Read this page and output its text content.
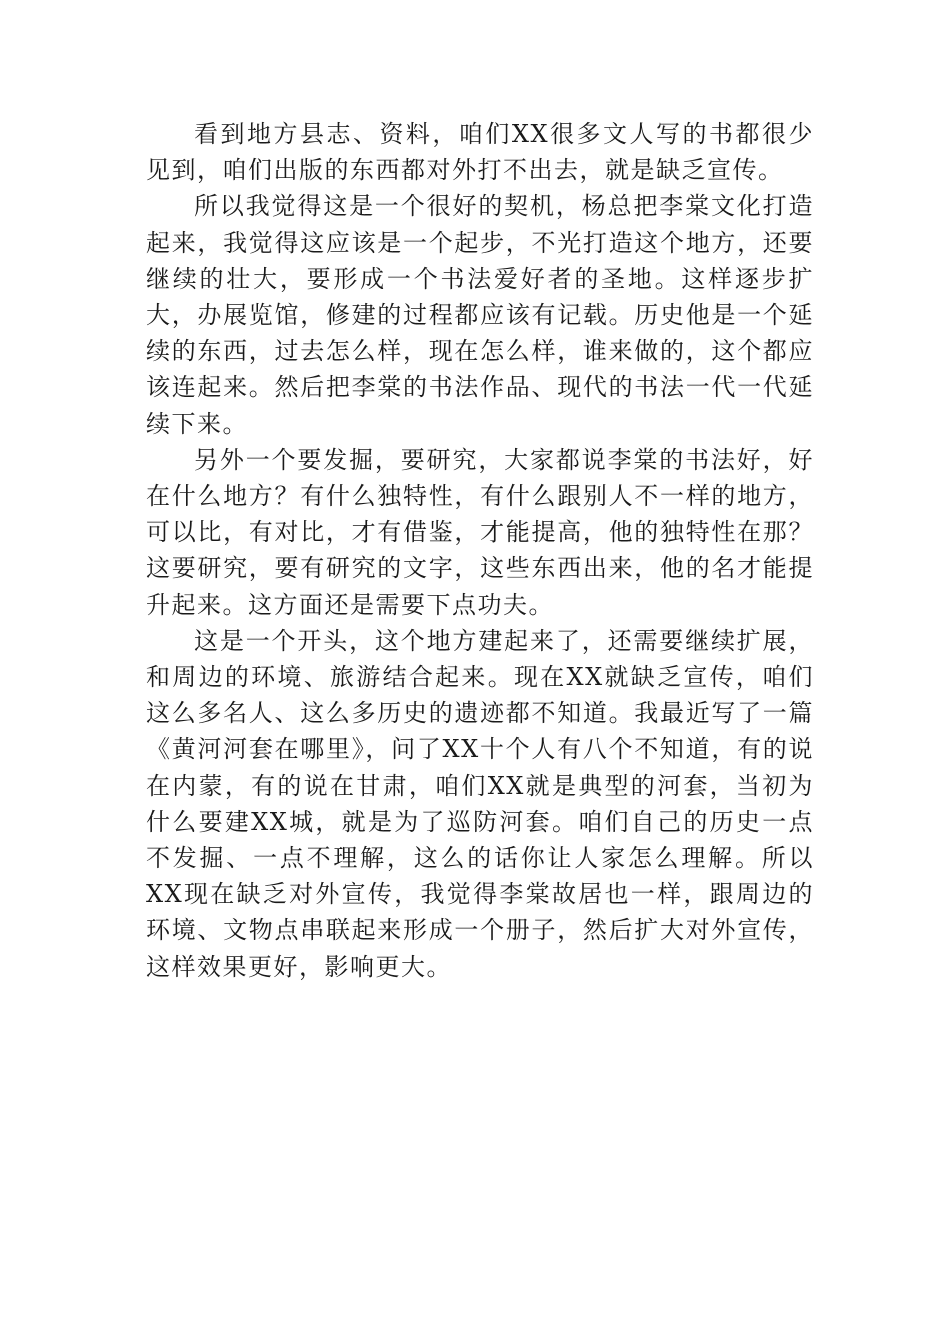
看到地方县志、资料，咱们XX很多文人写的书都很少见到，咱们出版的东西都对外打不出去，就是缺乏宣传。

所以我觉得这是一个很好的契机，杨总把李棠文化打造起来，我觉得这应该是一个起步，不光打造这个地方，还要继续的壮大，要形成一个书法爱好者的圣地。这样逐步扩大，办展览馆，修建的过程都应该有记载。历史他是一个延续的东西，过去怎么样，现在怎么样，谁来做的，这个都应该连起来。然后把李棠的书法作品、现代的书法一代一代延续下来。

另外一个要发掘，要研究，大家都说李棠的书法好，好在什么地方？有什么独特性，有什么跟别人不一样的地方，可以比，有对比，才有借鉴，才能提高，他的独特性在那？这要研究，要有研究的文字，这些东西出来，他的名才能提升起来。这方面还是需要下点功夫。

这是一个开头，这个地方建起来了，还需要继续扩展，和周边的环境、旅游结合起来。现在XX就缺乏宣传，咱们这么多名人、这么多历史的遗迹都不知道。我最近写了一篇《黄河河套在哪里》，问了XX十个人有八个不知道，有的说在内蒙，有的说在甘肃，咱们XX就是典型的河套，当初为什么要建XX城，就是为了巡防河套。咱们自己的历史一点不发掘、一点不理解，这么的话你让人家怎么理解。所以XX现在缺乏对外宣传，我觉得李棠故居也一样，跟周边的环境、文物点串联起来形成一个册子，然后扩大对外宣传，这样效果更好，影响更大。
